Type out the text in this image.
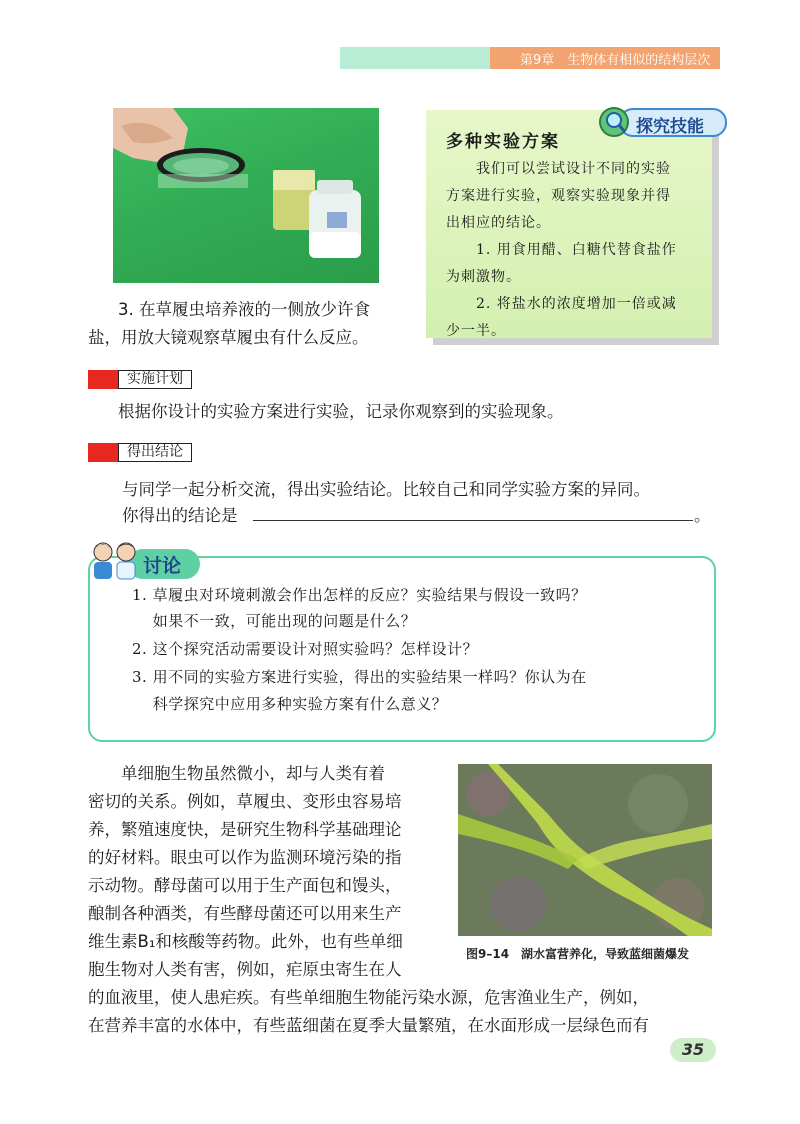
第9章　生物体有相似的结构层次
3. 在草履虫培养液的一侧放少许食
盐，用放大镜观察草履虫有什么反应。
探究技能
多种实验方案
　　我们可以尝试设计不同的实验
方案进行实验，观察实验现象并得
出相应的结论。
　　1. 用食用醋、白糖代替食盐作
为刺激物。
　　2. 将盐水的浓度增加一倍或减
少一半。
实施计划
根据你设计的实验方案进行实验，记录你观察到的实验现象。
得出结论
与同学一起分析交流，得出实验结论。比较自己和同学实验方案的异同。
你得出的结论是	。
讨论
1. 草履虫对环境刺激会作出怎样的反应？实验结果与假设一致吗？
　 如果不一致，可能出现的问题是什么？
2. 这个探究活动需要设计对照实验吗？怎样设计？
3. 用不同的实验方案进行实验，得出的实验结果一样吗？你认为在
　 科学探究中应用多种实验方案有什么意义？
　　单细胞生物虽然微小，却与人类有着
密切的关系。例如，草履虫、变形虫容易培
养，繁殖速度快，是研究生物科学基础理论
的好材料。眼虫可以作为监测环境污染的指
示动物。酵母菌可以用于生产面包和馒头，
酿制各种酒类，有些酵母菌还可以用来生产
维生素B₁和核酸等药物。此外，也有些单细
胞生物对人类有害，例如，疟原虫寄生在人
的血液里，使人患疟疾。有些单细胞生物能污染水源，危害渔业生产，例如，
在营养丰富的水体中，有些蓝细菌在夏季大量繁殖，在水面形成一层绿色而有
图9–14　湖水富营养化，导致蓝细菌爆发
35
